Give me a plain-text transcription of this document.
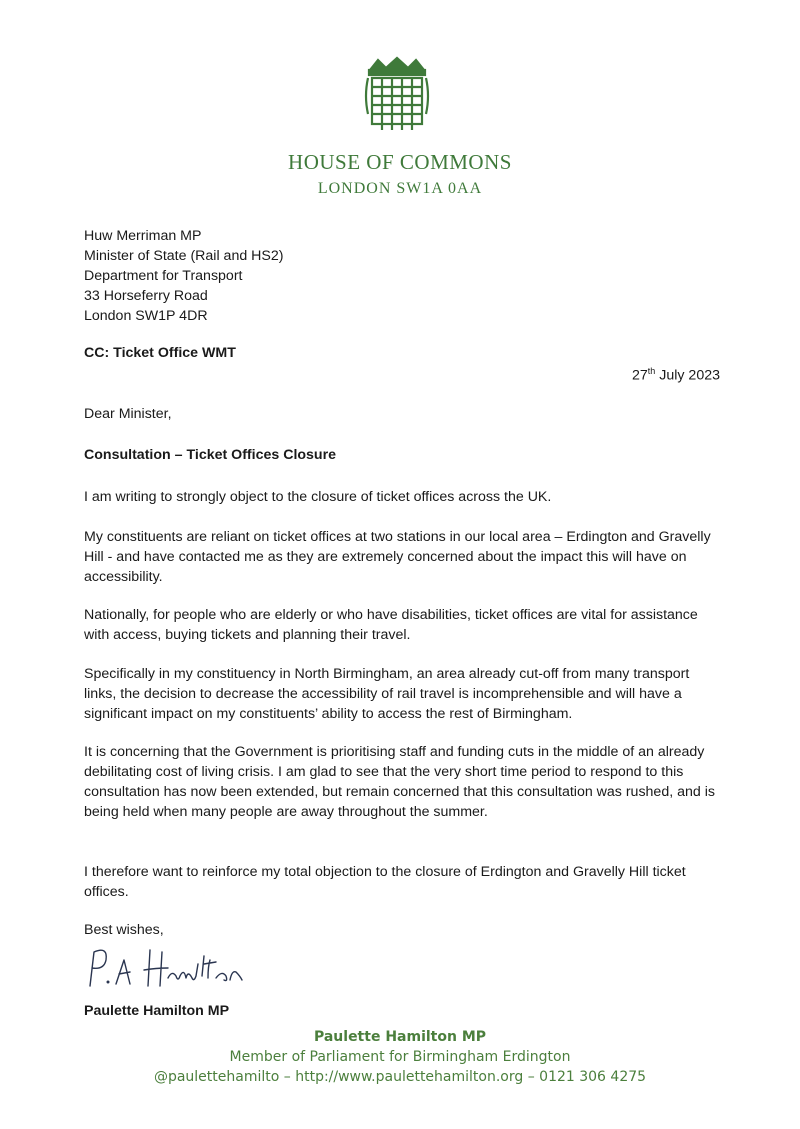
HOUSE OF COMMONS
LONDON SW1A 0AA
Huw Merriman MP
Minister of State (Rail and HS2)
Department for Transport
33 Horseferry Road
London SW1P 4DR
CC: Ticket Office WMT
27th July 2023
Dear Minister,
Consultation – Ticket Offices Closure

I am writing to strongly object to the closure of ticket offices across the UK.

My constituents are reliant on ticket offices at two stations in our local area – Erdington and Gravelly Hill - and have contacted me as they are extremely concerned about the impact this will have on accessibility.

Nationally, for people who are elderly or who have disabilities, ticket offices are vital for assistance with access, buying tickets and planning their travel.

Specifically in my constituency in North Birmingham, an area already cut-off from many transport links, the decision to decrease the accessibility of rail travel is incomprehensible and will have a significant impact on my constituents’ ability to access the rest of Birmingham.

It is concerning that the Government is prioritising staff and funding cuts in the middle of an already debilitating cost of living crisis. I am glad to see that the very short time period to respond to this consultation has now been extended, but remain concerned that this consultation was rushed, and is being held when many people are away throughout the summer.

I therefore want to reinforce my total objection to the closure of Erdington and Gravelly Hill ticket offices.

Best wishes,
Paulette Hamilton MP
Paulette Hamilton MP
Member of Parliament for Birmingham Erdington
@paulettehamilto – http://www.paulettehamilton.org – 0121 306 4275
